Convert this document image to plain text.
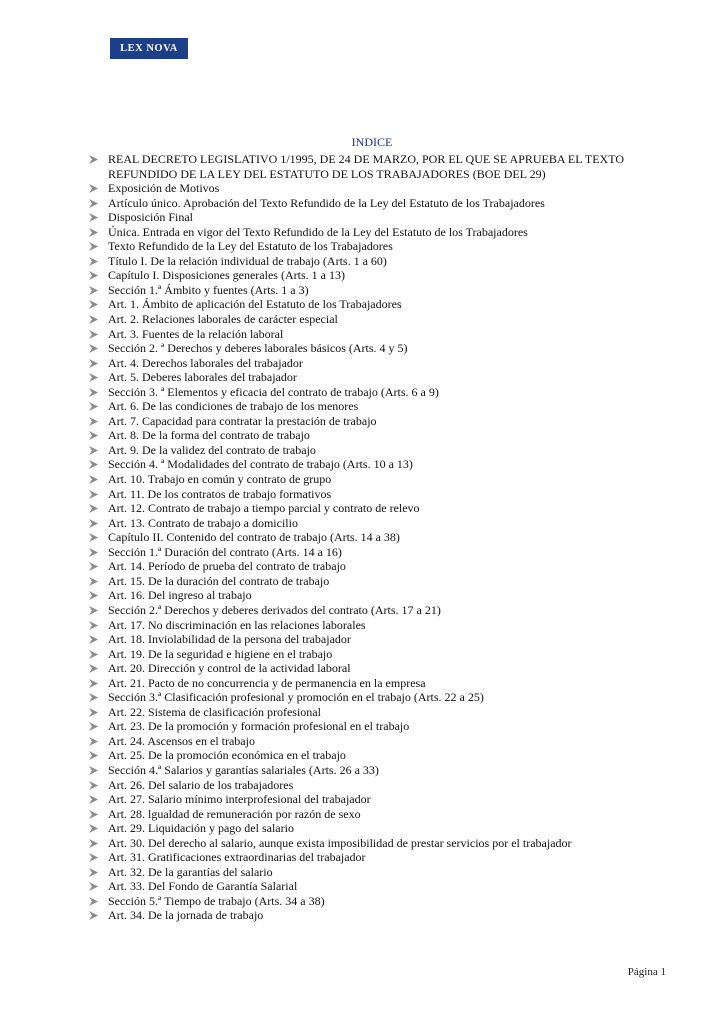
LEX NOVA
INDICE
REAL DECRETO LEGISLATIVO 1/1995, DE 24 DE MARZO, POR EL QUE SE APRUEBA EL TEXTO REFUNDIDO DE LA LEY DEL ESTATUTO DE LOS TRABAJADORES (BOE DEL 29)
Exposición de Motivos
Artículo único. Aprobación del Texto Refundido de la Ley del Estatuto de los Trabajadores
Disposición Final
Única. Entrada en vigor del Texto Refundido de la Ley del Estatuto de los Trabajadores
Texto Refundido de la Ley del Estatuto de los Trabajadores
Título I. De la relación individual de trabajo (Arts. 1 a 60)
Capítulo I. Disposiciones generales (Arts. 1 a 13)
Sección 1.ª Ámbito y fuentes (Arts. 1 a 3)
Art. 1. Ámbito de aplicación del Estatuto de los Trabajadores
Art. 2. Relaciones laborales de carácter especial
Art. 3. Fuentes de la relación laboral
Sección 2. ª Derechos y deberes laborales básicos (Arts. 4 y 5)
Art. 4. Derechos laborales del trabajador
Art. 5. Deberes laborales del trabajador
Sección 3. ª Elementos y eficacia del contrato de trabajo (Arts. 6 a 9)
Art. 6. De las condiciones de trabajo de los menores
Art. 7. Capacidad para contratar la prestación de trabajo
Art. 8. De la forma del contrato de trabajo
Art. 9. De la validez del contrato de trabajo
Sección 4. ª Modalidades del contrato de trabajo (Arts. 10 a 13)
Art. 10. Trabajo en común y contrato de grupo
Art. 11. De los contratos de trabajo formativos
Art. 12. Contrato de trabajo a tiempo parcial y contrato de relevo
Art. 13. Contrato de trabajo a domicilio
Capítulo II. Contenido del contrato de trabajo (Arts. 14 a 38)
Sección 1.ª Duración del contrato (Arts. 14 a 16)
Art. 14. Período de prueba del contrato de trabajo
Art. 15. De la duración del contrato de trabajo
Art. 16. Del ingreso al trabajo
Sección 2.ª Derechos y deberes derivados del contrato (Arts. 17 a 21)
Art. 17. No discriminación en las relaciones laborales
Art. 18. Inviolabilidad de la persona del trabajador
Art. 19. De la seguridad e higiene en el trabajo
Art. 20. Dirección y control de la actividad laboral
Art. 21. Pacto de no concurrencia y de permanencia en la empresa
Sección 3.ª Clasificación profesional y promoción en el trabajo (Arts. 22 a 25)
Art. 22. Sistema de clasificación profesional
Art. 23. De la promoción y formación profesional en el trabajo
Art. 24. Ascensos en el trabajo
Art. 25. De la promoción económica en el trabajo
Sección 4.ª Salarios y garantías salariales (Arts. 26 a 33)
Art. 26. Del salario de los trabajadores
Art. 27. Salario mínimo interprofesional del trabajador
Art. 28. lgualdad de remuneración por razón de sexo
Art. 29. Liquidación y pago del salario
Art. 30. Del derecho al salario, aunque exista imposibilidad de prestar servicios por el trabajador
Art. 31. Gratificaciones extraordinarias del trabajador
Art. 32. De la garantías del salario
Art. 33. Del Fondo de Garantía Salarial
Sección 5.ª Tiempo de trabajo (Arts. 34 a 38)
Art. 34. De la jornada de trabajo
Página 1
